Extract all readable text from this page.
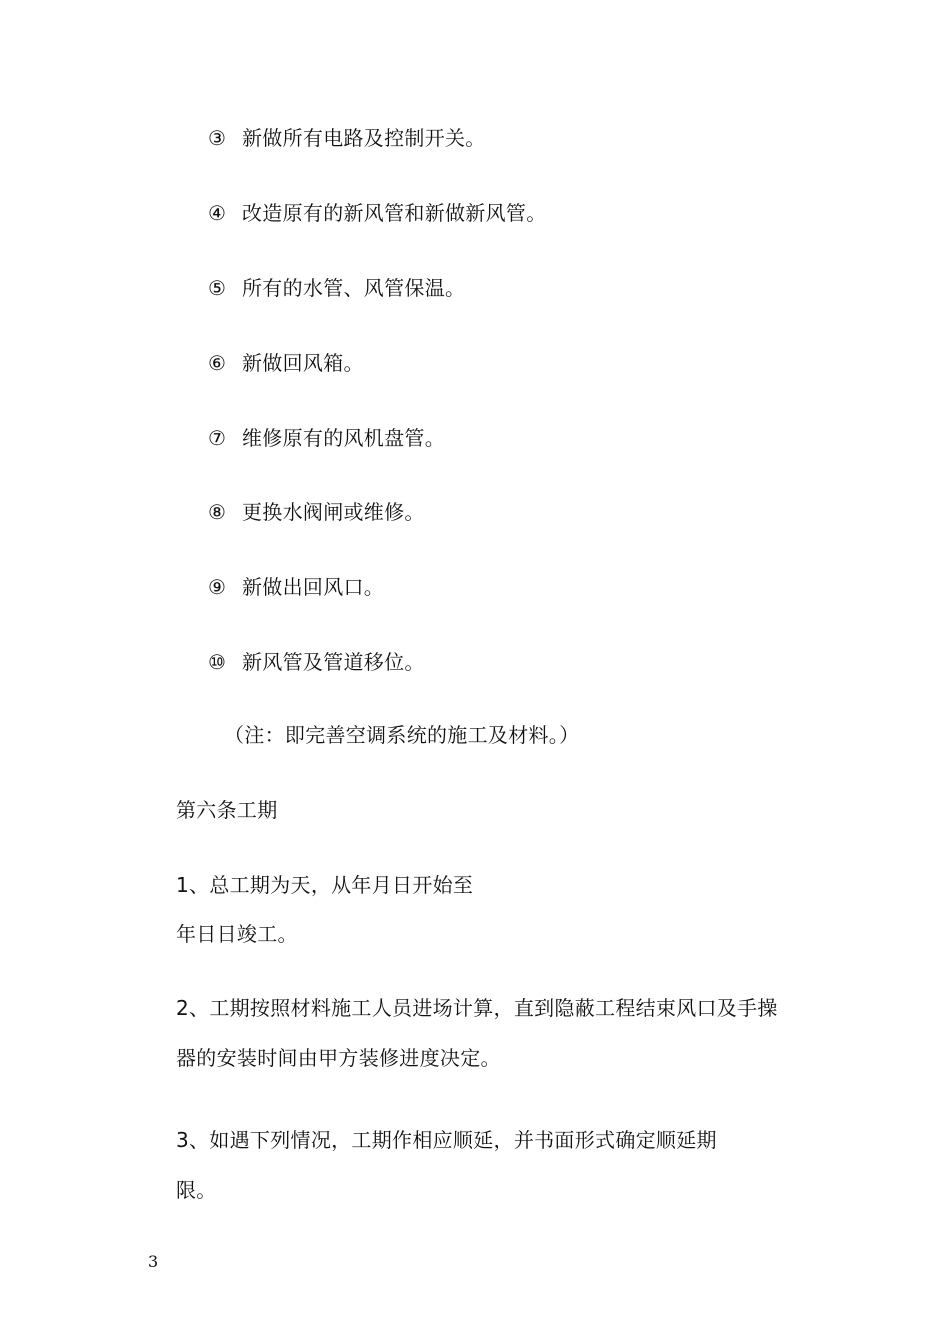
③ 新做所有电路及控制开关。
④ 改造原有的新风管和新做新风管。
⑤ 所有的水管、风管保温。
⑥ 新做回风箱。
⑦ 维修原有的风机盘管。
⑧ 更换水阀闸或维修。
⑨ 新做出回风口。
⑩ 新风管及管道移位。
（注：即完善空调系统的施工及材料。）
第六条工期
1、总工期为天，从年月日开始至
年日日竣工。
2、工期按照材料施工人员进场计算，直到隐蔽工程结束风口及手操
器的安装时间由甲方装修进度决定。
3、如遇下列情况，工期作相应顺延，并书面形式确定顺延期
限。
3
